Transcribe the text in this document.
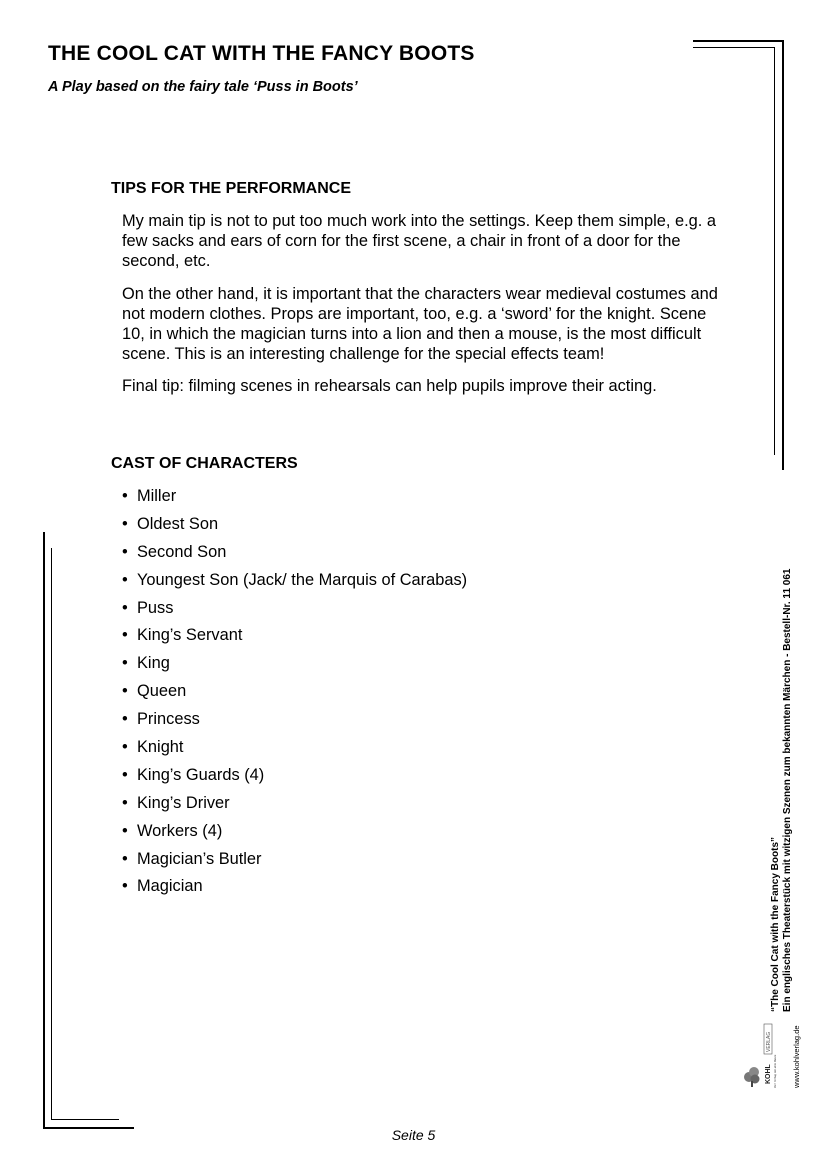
THE COOL CAT WITH THE FANCY BOOTS

A Play based on the fairy tale ‘Puss in Boots’

TIPS FOR THE PERFORMANCE

My main tip is not to put too much work into the settings. Keep them simple, e.g. a few sacks and ears of corn for the first scene, a chair in front of a door for the second, etc.

On the other hand, it is important that the characters wear medieval costumes and not modern clothes. Props are important, too, e.g. a ‘sword’ for the knight. Scene 10, in which the magician turns into a lion and then a mouse, is the most difficult scene. This is an interesting challenge for the special effects team!

Final tip: filming scenes in rehearsals can help pupils improve their acting.

CAST OF CHARACTERS
• Miller
• Oldest Son
• Second Son
• Youngest Son (Jack/ the Marquis of Carabas)
• Puss
• King’s Servant
• King
• Queen
• Princess
• Knight
• King’s Guards (4)
• King’s Driver
• Workers (4)
• Magician’s Butler
• Magician	“The Cool Cat with the Fancy Boots” Ein englisches Theaterstück mit witzigen Szenen zum bekannten Märchen - Bestell-Nr. 11 061
VERLAG
KOHL Der Verlag mit dem Baum www.kohlverlag.de
Seite 5
